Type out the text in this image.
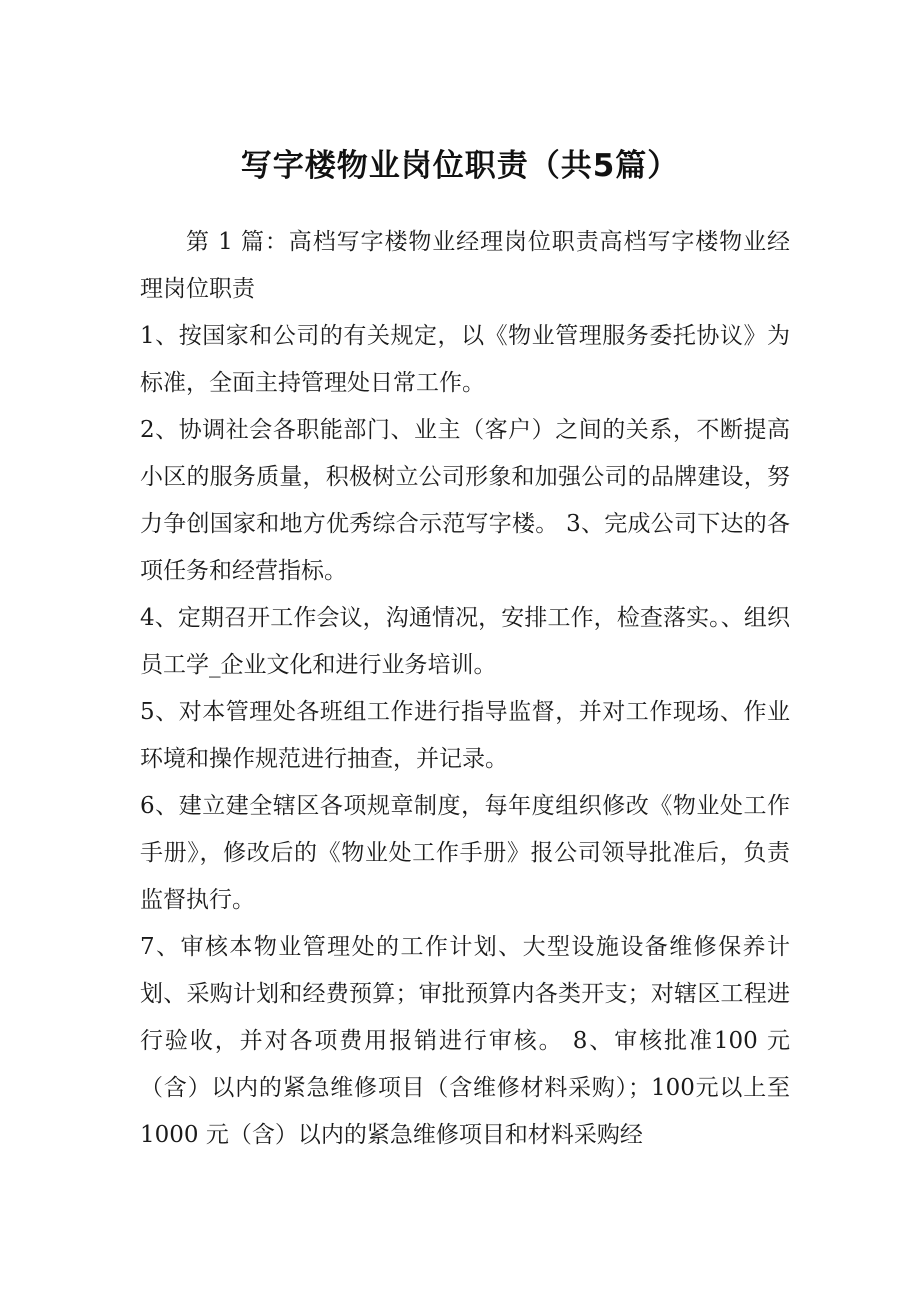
写字楼物业岗位职责（共5篇）

第 1 篇：高档写字楼物业经理岗位职责高档写字楼物业经理岗位职责

1、按国家和公司的有关规定，以《物业管理服务委托协议》为标准，全面主持管理处日常工作。

2、协调社会各职能部门、业主（客户）之间的关系，不断提高小区的服务质量，积极树立公司形象和加强公司的品牌建设，努力争创国家和地方优秀综合示范写字楼。 3、完成公司下达的各项任务和经营指标。

4、定期召开工作会议，沟通情况，安排工作，检查落实。、组织员工学_企业文化和进行业务培训。

5、对本管理处各班组工作进行指导监督，并对工作现场、作业环境和操作规范进行抽查，并记录。

6、建立建全辖区各项规章制度，每年度组织修改《物业处工作手册》，修改后的《物业处工作手册》报公司领导批准后，负责监督执行。

7、审核本物业管理处的工作计划、大型设施设备维修保养计划、采购计划和经费预算；审批预算内各类开支；对辖区工程进行验收，并对各项费用报销进行审核。 8、审核批准100 元（含）以内的紧急维修项目（含维修材料采购）；100元以上至 1000 元（含）以内的紧急维修项目和材料采购经
